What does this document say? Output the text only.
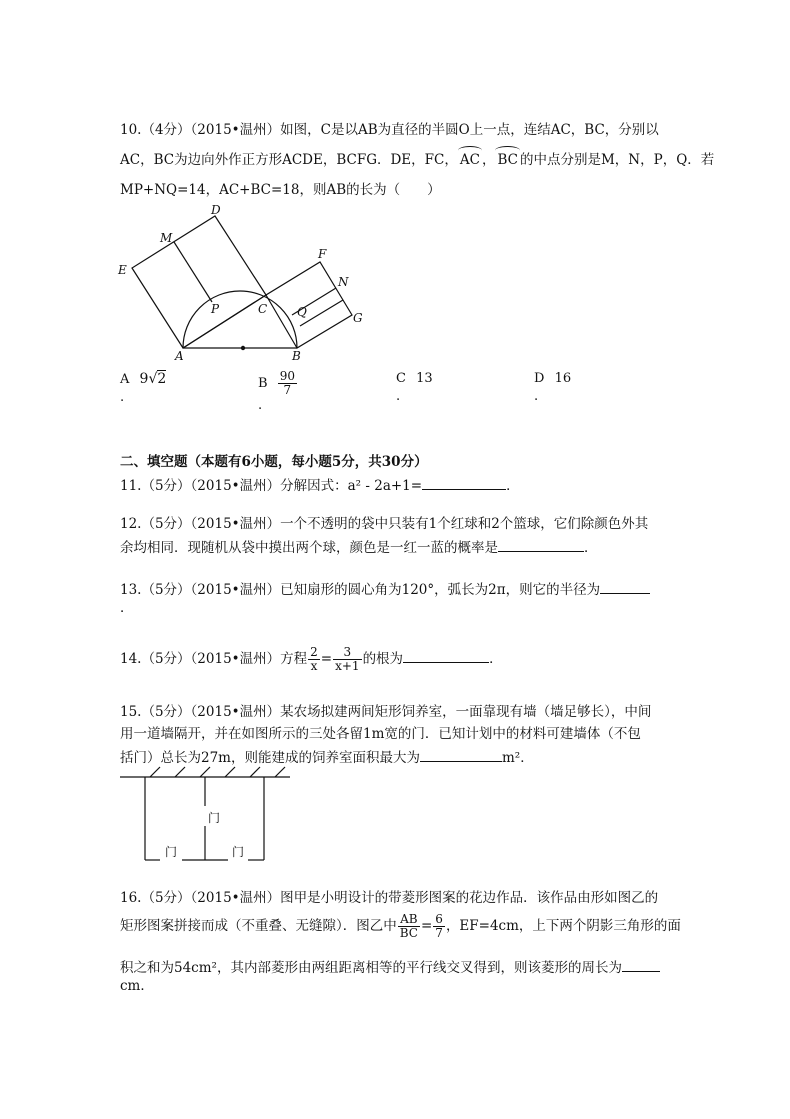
10.（4分）（2015•温州）如图，C是以AB为直径的半圆O上一点，连结AC，BC，分别以
AC，BC为边向外作正方形ACDE，BCFG．DE，FC， AC ， BC 的中点分别是M，N，P，Q．若
MP+NQ=14，AC+BC=18，则AB的长为（　　）
D
M
E
F
N
P	C Q	G
A	B
A 9√2
.
B $\frac{90}{7}$
.
C 13
.
D 16
.
二、填空题（本题有6小题，每小题5分，共30分）
11.（5分）（2015•温州）分解因式：a² - 2a+1=	．
12.（5分）（2015•温州）一个不透明的袋中只装有1个红球和2个篮球，它们除颜色外其
余均相同．现随机从袋中摸出两个球，颜色是一红一蓝的概率是	．
13.（5分）（2015•温州）已知扇形的圆心角为120°，弧长为2π，则它的半径为
．
14.（5分）（2015•温州）方程 $\frac{2}{x} = \frac{3}{x+1}$ 的根为	．
15.（5分）（2015•温州）某农场拟建两间矩形饲养室，一面靠现有墙（墙足够长），中间
用一道墙隔开，并在如图所示的三处各留1m宽的门．已知计划中的材料可建墙体（不包
括门）总长为27m，则能建成的饲养室面积最大为	m²．
门
门	门
16.（5分）（2015•温州）图甲是小明设计的带菱形图案的花边作品．该作品由形如图乙的
矩形图案拼接而成（不重叠、无缝隙）．图乙中 $\frac{AB}{BC} = \frac{6}{7}$ ，EF=4cm，上下两个阴影三角形的面
积之和为54cm²，其内部菱形由两组距离相等的平行线交叉得到，则该菱形的周长为
cm．
